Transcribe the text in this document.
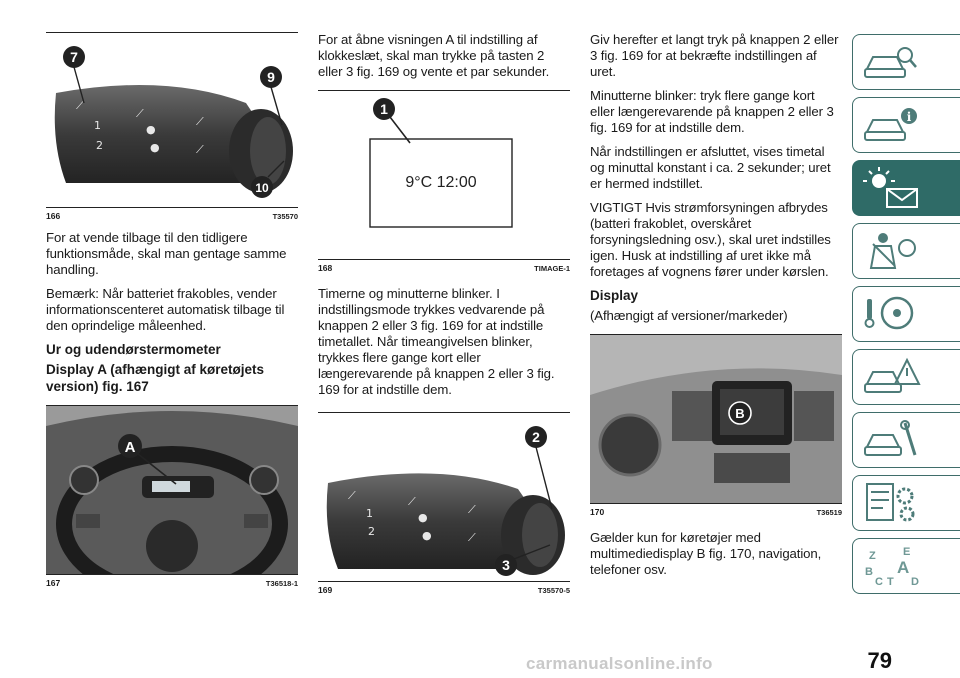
⟋
1
2
⟋
●
●
⟋
⟋
7
9
10
166	T35570

For at vende tilbage til den tidligere funktionsmåde, skal man gentage samme handling.

Bemærk: Når batteriet frakobles, vender informationscenteret automatisk tilbage til den oprindelige måleenhed.

Ur og udendørstermometer
Display A (afhængigt af køretøjets version) fig. 167
A
167	T36518-1

For at åbne visningen A til indstilling af klokkeslæt, skal man trykke på tasten 2 eller 3 fig. 169 og vente et par sekunder.

9°C 12:00
1
168	TIMAGE-1

Timerne og minutterne blinker. I indstillingsmode trykkes vedvarende på knappen 2 eller 3 fig. 169 for at indstille timetallet. Når timeangivelsen blinker, trykkes flere gange kort eller længerevarende på knappen 2 eller 3 fig. 169 for at indstille dem.

⟋
1
2
⟋
●
●
⟋
⟋
2
3
169	T35570-5

Giv herefter et langt tryk på knappen 2 eller 3 fig. 169 for at bekræfte indstillingen af uret.

Minutterne blinker: tryk flere gange kort eller længerevarende på knappen 2 eller 3 fig. 169 for at indstille dem.

Når indstillingen er afsluttet, vises timetal og minuttal konstant i ca. 2 sekunder; uret er hermed indstillet.

VIGTIGT Hvis strømforsyningen afbrydes (batteri frakoblet, overskåret forsyningsledning osv.), skal uret indstilles igen. Husk at indstilling af uret ikke må foretages af vognens fører under kørslen.

Display

(Afhængigt af versioner/markeder)

B
170	T36519

Gælder kun for køretøjer med multimediedisplay B fig. 170, navigation, telefoner osv.

i
Z E
A
B
C T D
carmanualsonline.info	79
